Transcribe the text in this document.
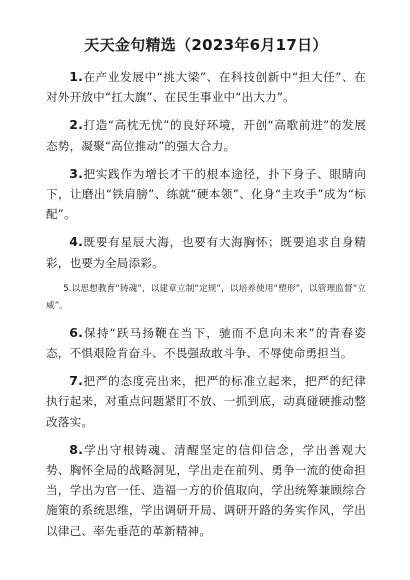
天天金句精选（2023年6月17日）

1.在产业发展中“挑大梁”、在科技创新中“担大任”、在对外开放中“扛大旗”、在民生事业中“出大力”。

2.打造“高枕无忧”的良好环境，开创“高歌前进”的发展态势，凝聚“高位推动”的强大合力。

3.把实践作为增长才干的根本途径，扑下身子、眼睛向下，让磨出“铁肩膀”、练就“硬本领”、化身“主攻手”成为“标配”。

4.既要有星辰大海，也要有大海胸怀；既要追求自身精彩，也要为全局添彩。

5.以思想教育“铸魂”，以建章立制“定规”，以培养使用“塑形”，以管理监督“立威”。

6.保持“跃马扬鞭在当下，驰而不息向未来”的青春姿态，不惧艰险肯奋斗、不畏强敌敢斗争、不辱使命勇担当。

7.把严的态度亮出来，把严的标准立起来，把严的纪律执行起来，对重点问题紧盯不放、一抓到底，动真碰硬推动整改落实。

8.学出守根铸魂、清醒坚定的信仰信念，学出善观大势、胸怀全局的战略洞见，学出走在前列、勇争一流的使命担当，学出为官一任、造福一方的价值取向，学出统筹兼顾综合施策的系统思维，学出调研开局、调研开路的务实作风，学出以律己、率先垂范的革新精神。
